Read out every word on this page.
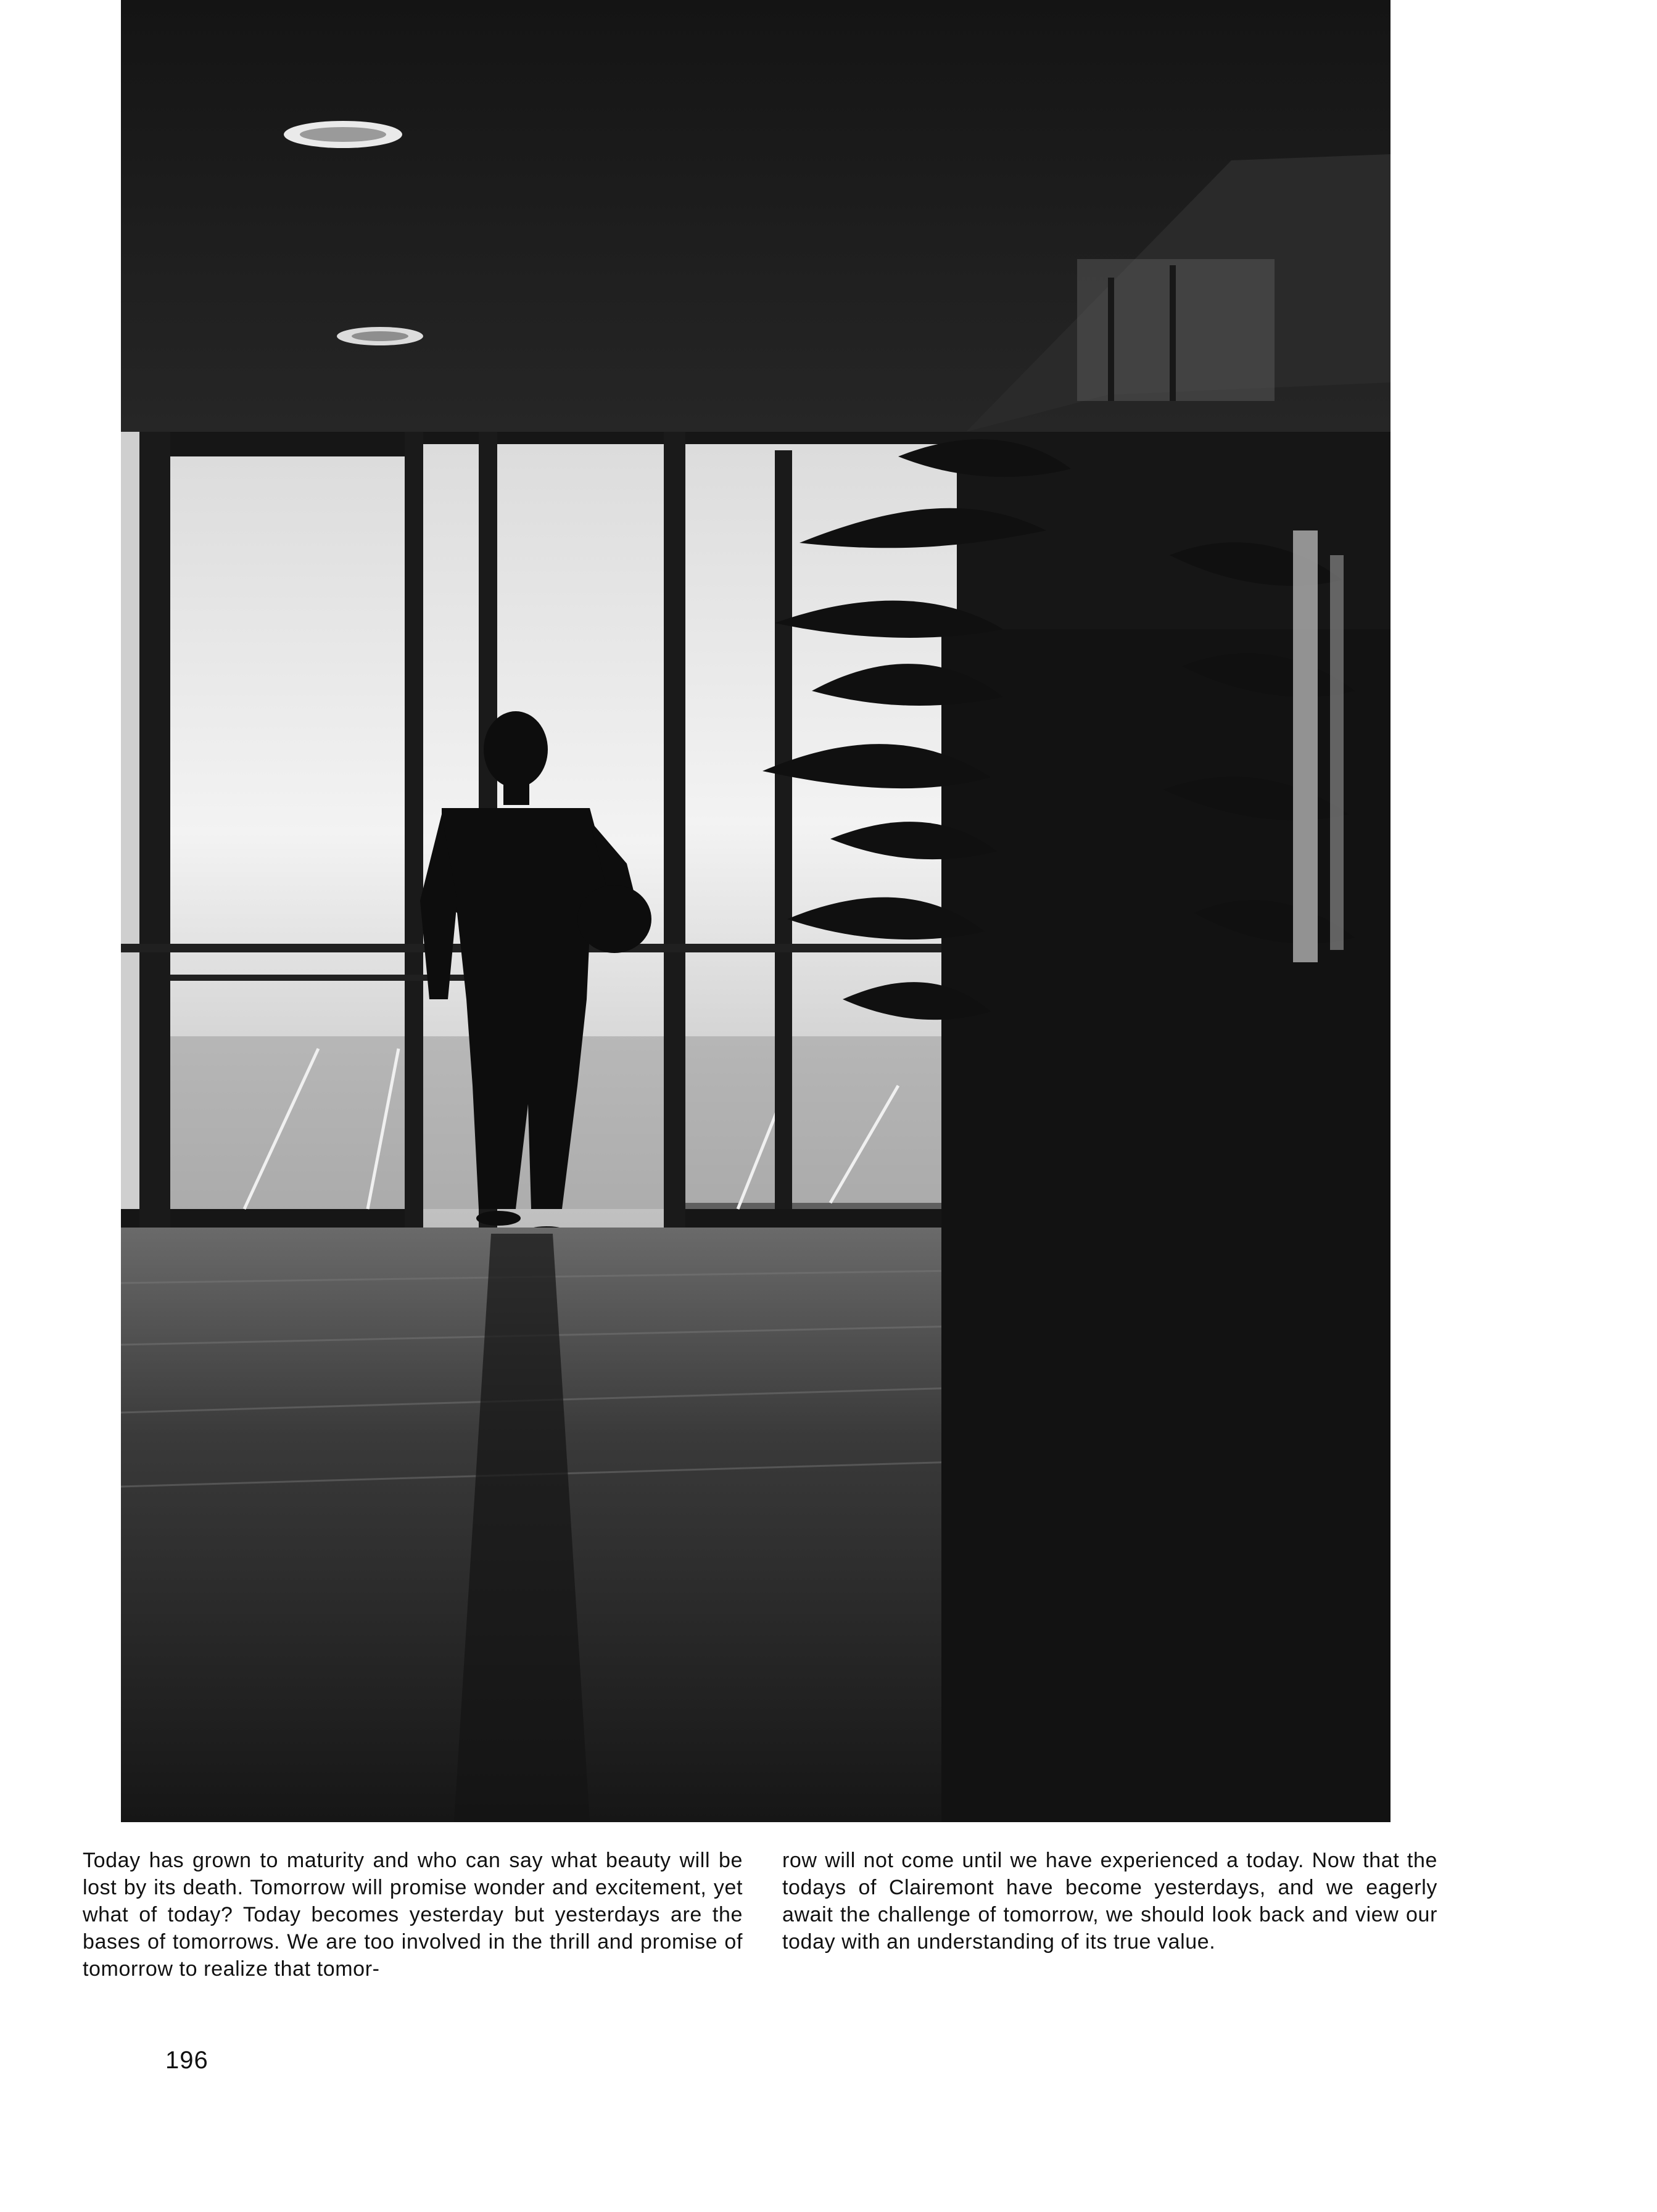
Today has grown to maturity and who can say what beauty will be lost by its death. Tomorrow will promise wonder and excitement, yet what of today? Today becomes yesterday but yesterdays are the bases of tomorrows. We are too involved in the thrill and promise of tomorrow to realize that tomor-

row will not come until we have experienced a today. Now that the todays of Clairemont have become yesterdays, and we eagerly await the challenge of tomorrow, we should look back and view our today with an understanding of its true value.

196
